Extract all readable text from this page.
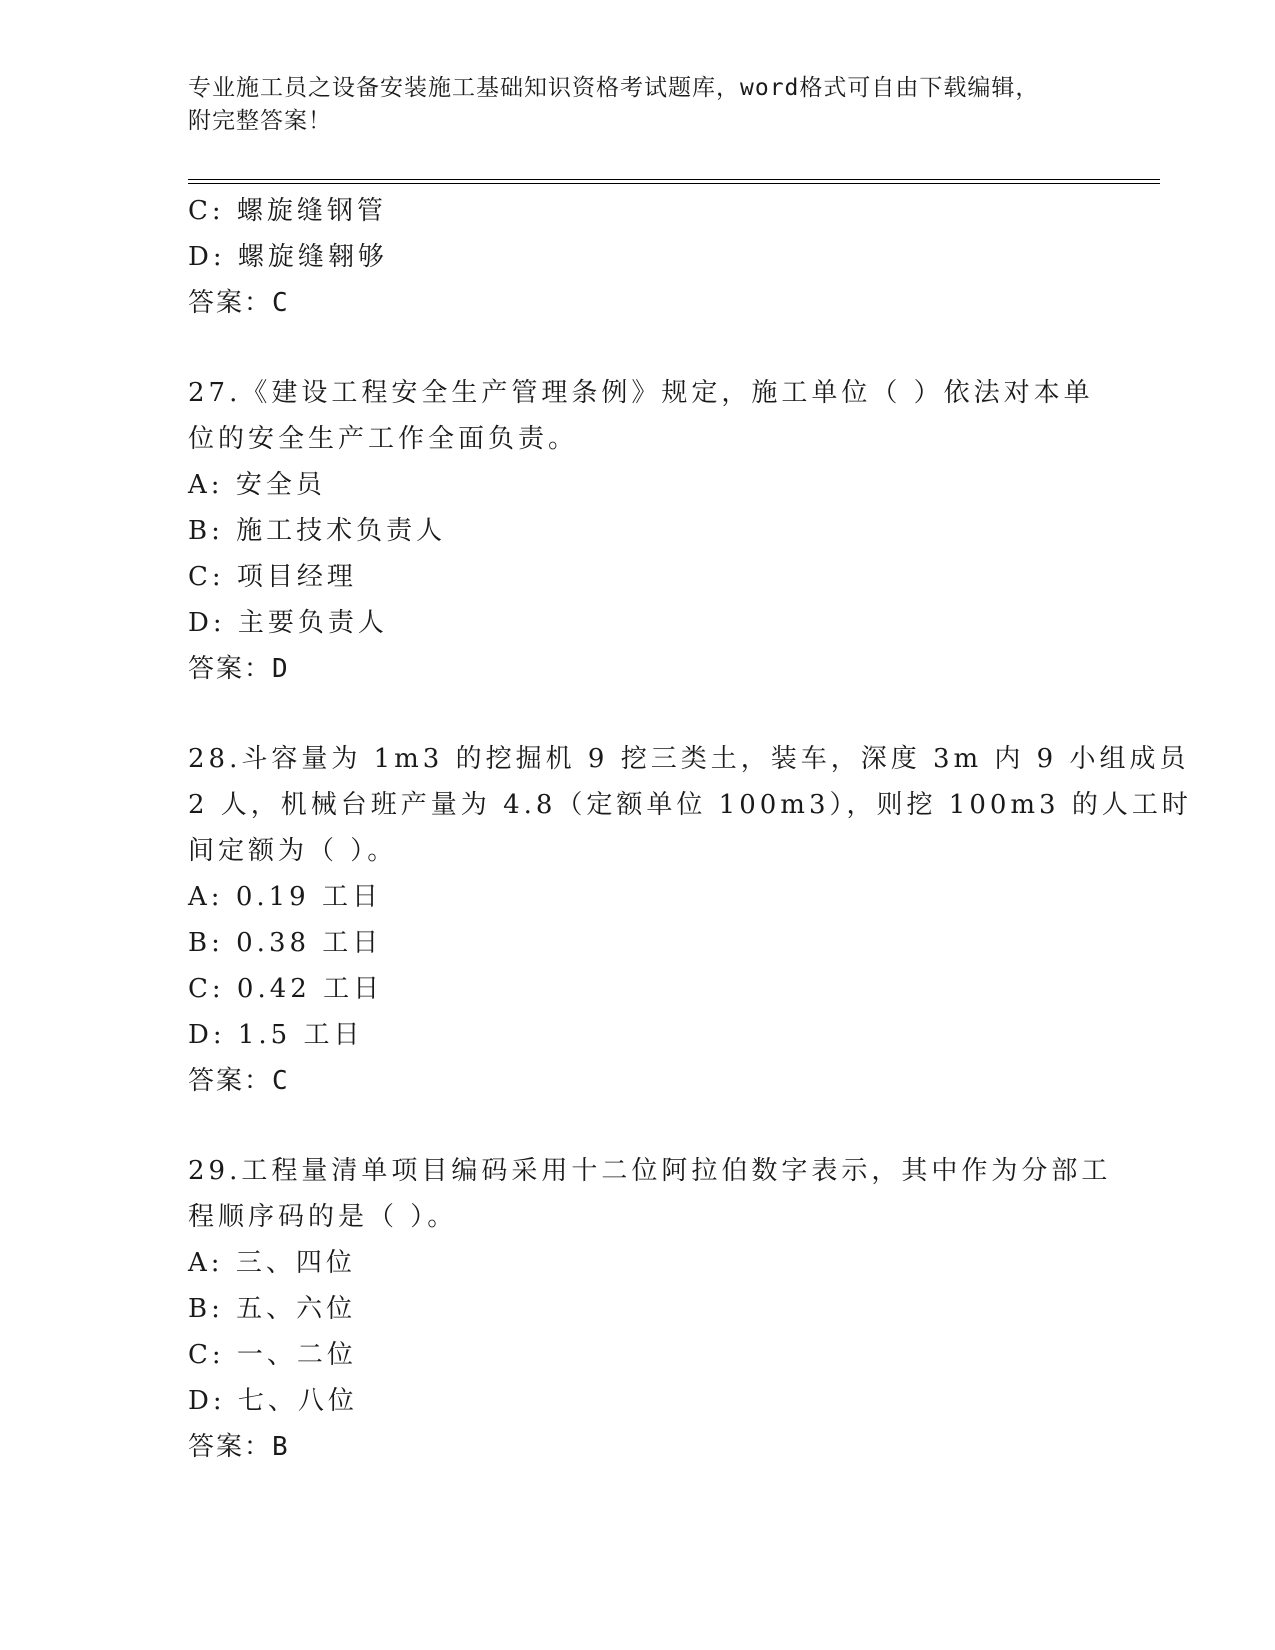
专业施工员之设备安装施工基础知识资格考试题库，word格式可自由下载编辑，
附完整答案！
C: 螺旋缝钢管
D: 螺旋缝翱够
答案：C
27.《建设工程安全生产管理条例》规定，施工单位（ ）依法对本单
位的安全生产工作全面负责。
A: 安全员
B: 施工技术负责人
C: 项目经理
D: 主要负责人
答案：D
28.斗容量为 1m3 的挖掘机 9 挖三类土，装车，深度 3m 内 9 小组成员
2 人，机械台班产量为 4.8（定额单位 100m3），则挖 100m3 的人工时
间定额为（ ）。
A: 0.19 工日
B: 0.38 工日
C: 0.42 工日
D: 1.5 工日
答案：C
29.工程量清单项目编码采用十二位阿拉伯数字表示，其中作为分部工
程顺序码的是（ ）。
A: 三、四位
B: 五、六位
C: 一、二位
D: 七、八位
答案：B
